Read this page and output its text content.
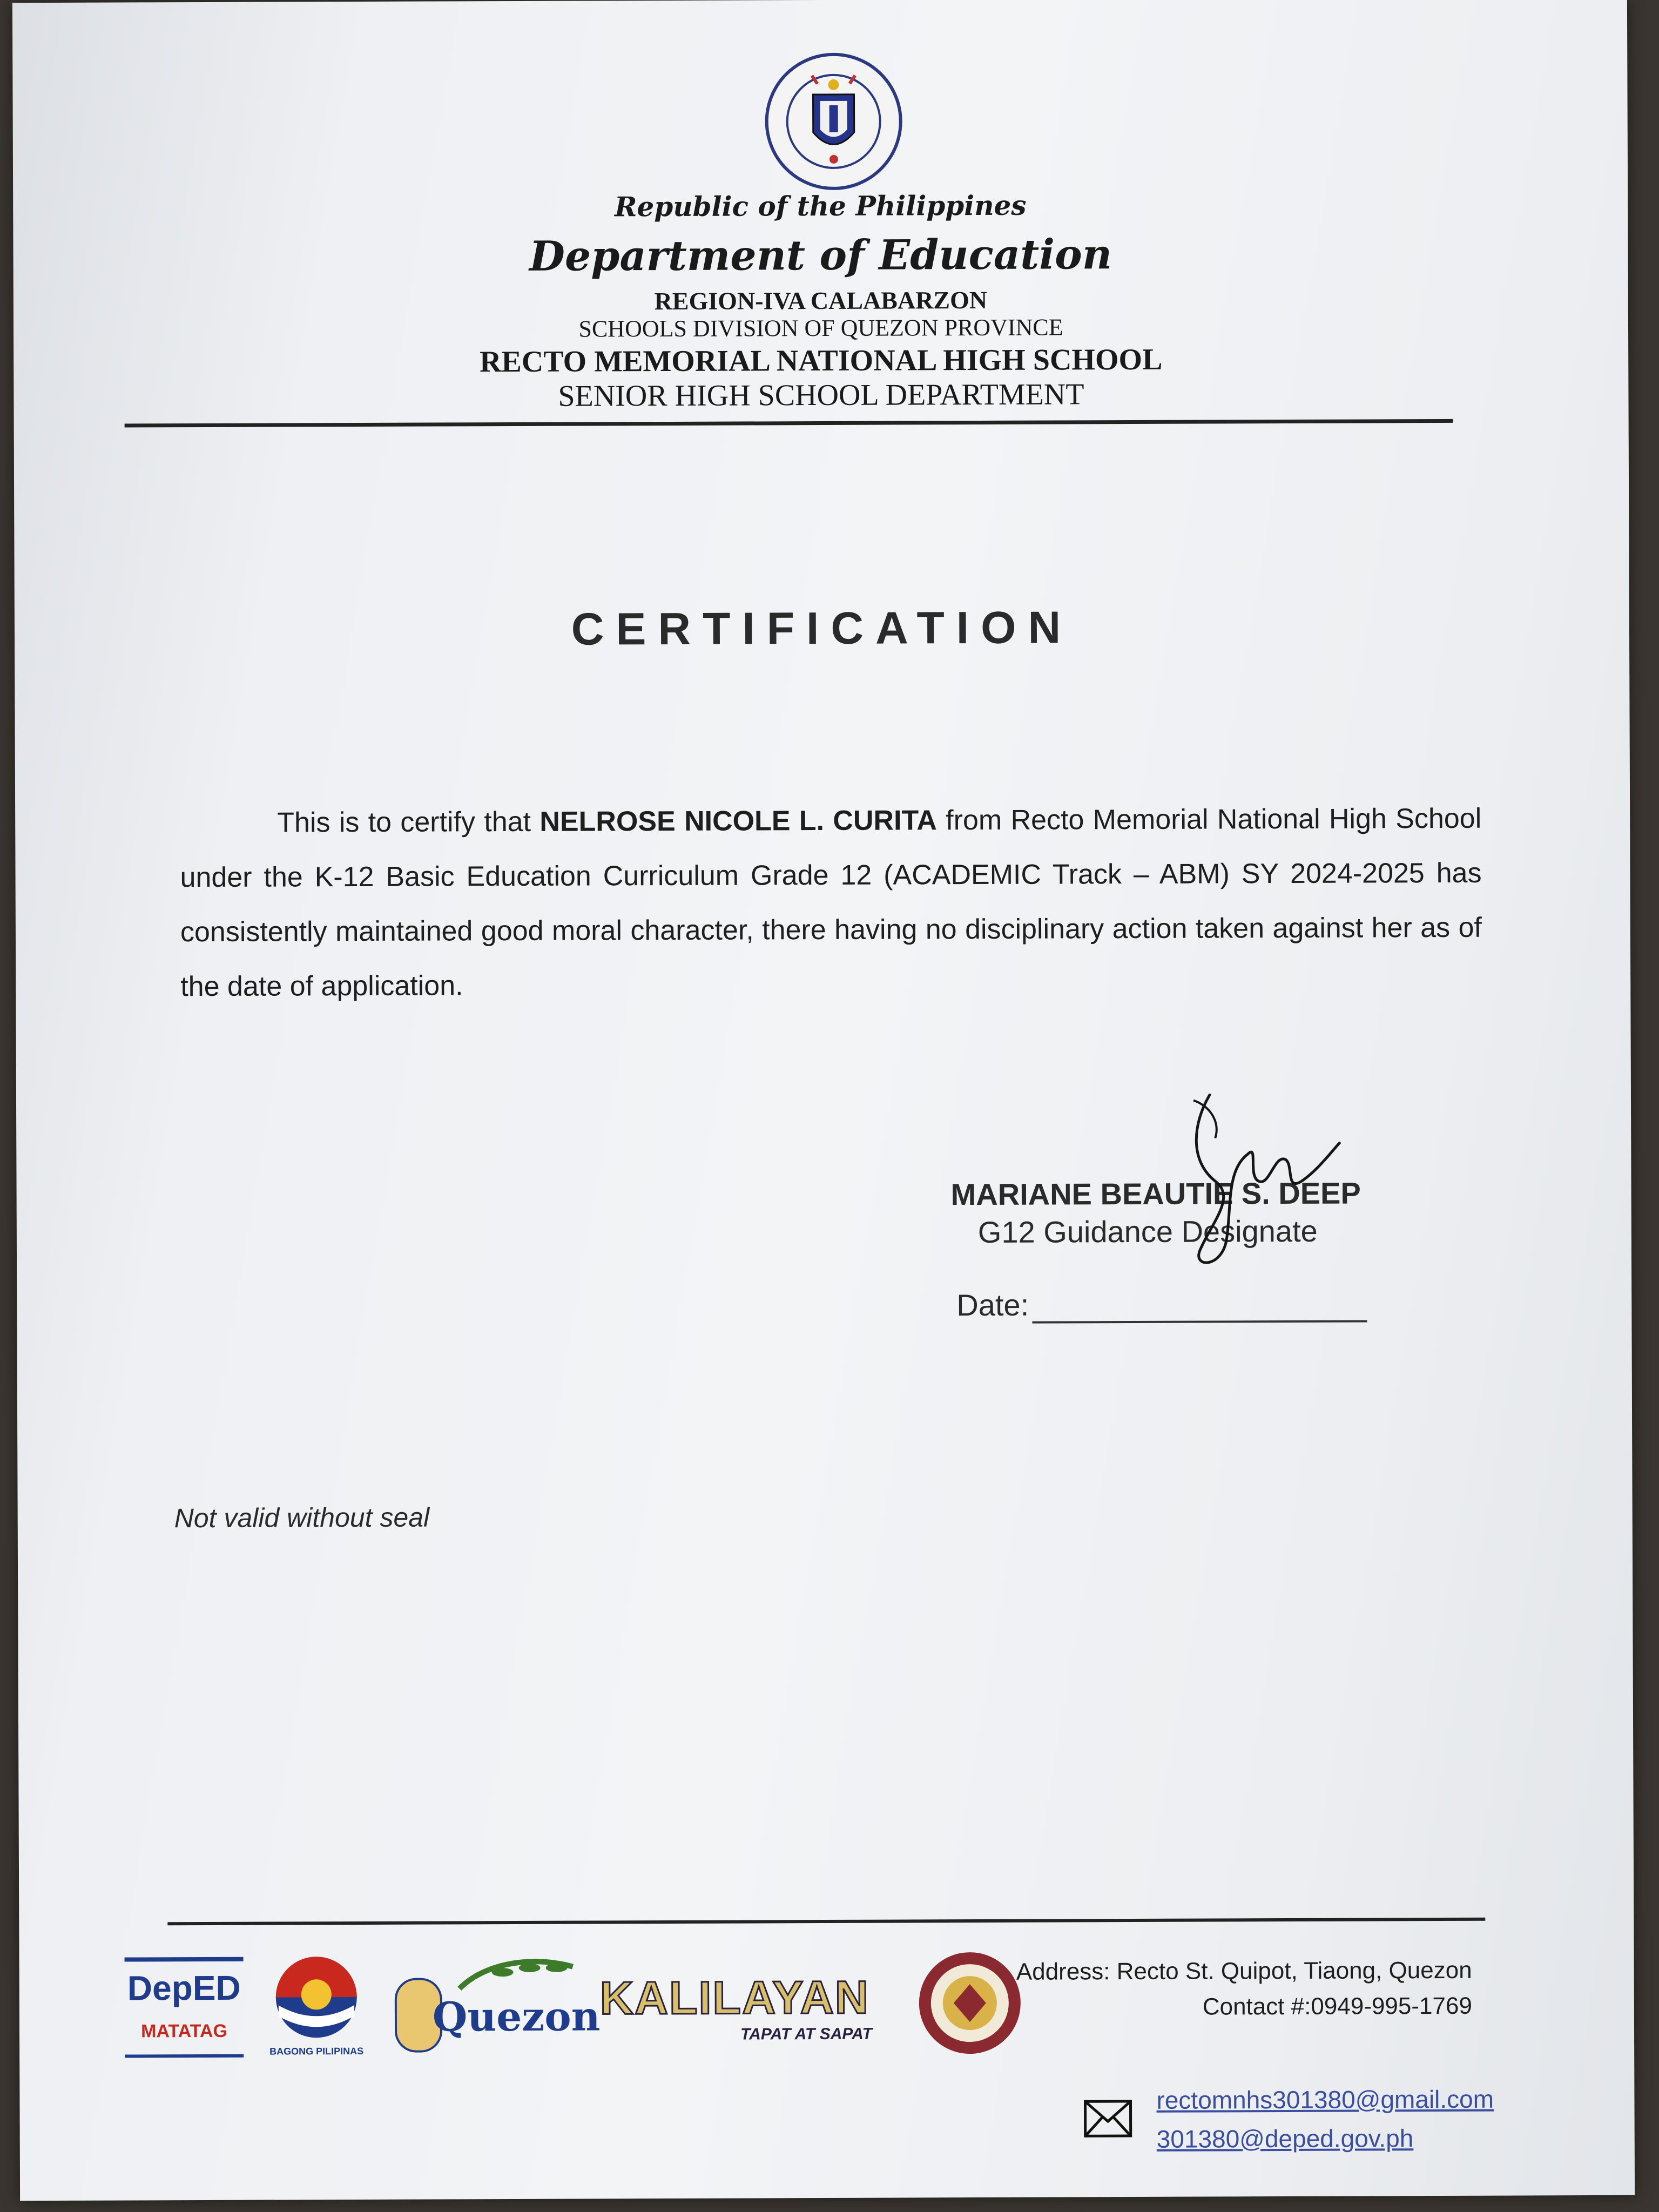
Republic of the Philippines
Department of Education
REGION-IVA CALABARZON
SCHOOLS DIVISION OF QUEZON PROVINCE
RECTO MEMORIAL NATIONAL HIGH SCHOOL
SENIOR HIGH SCHOOL DEPARTMENT
CERTIFICATION

This is to certify that NELROSE NICOLE L. CURITA from Recto Memorial National High School under the K-12 Basic Education Curriculum Grade 12 (ACADEMIC Track – ABM) SY 2024-2025 has consistently maintained good moral character, there having no disciplinary action taken against her as of the date of application.

MARIANE BEAUTIE S. DEEP
G12 Guidance Designate
Date:
Not valid without seal
DepED
MATATAG
BAGONG PILIPINAS
Quezon KALILAYAN
TAPAT AT SAPAT
Address: Recto St. Quipot, Tiaong, Quezon
Contact #:0949-995-1769
rectomnhs301380@gmail.com
301380@deped.gov.ph
